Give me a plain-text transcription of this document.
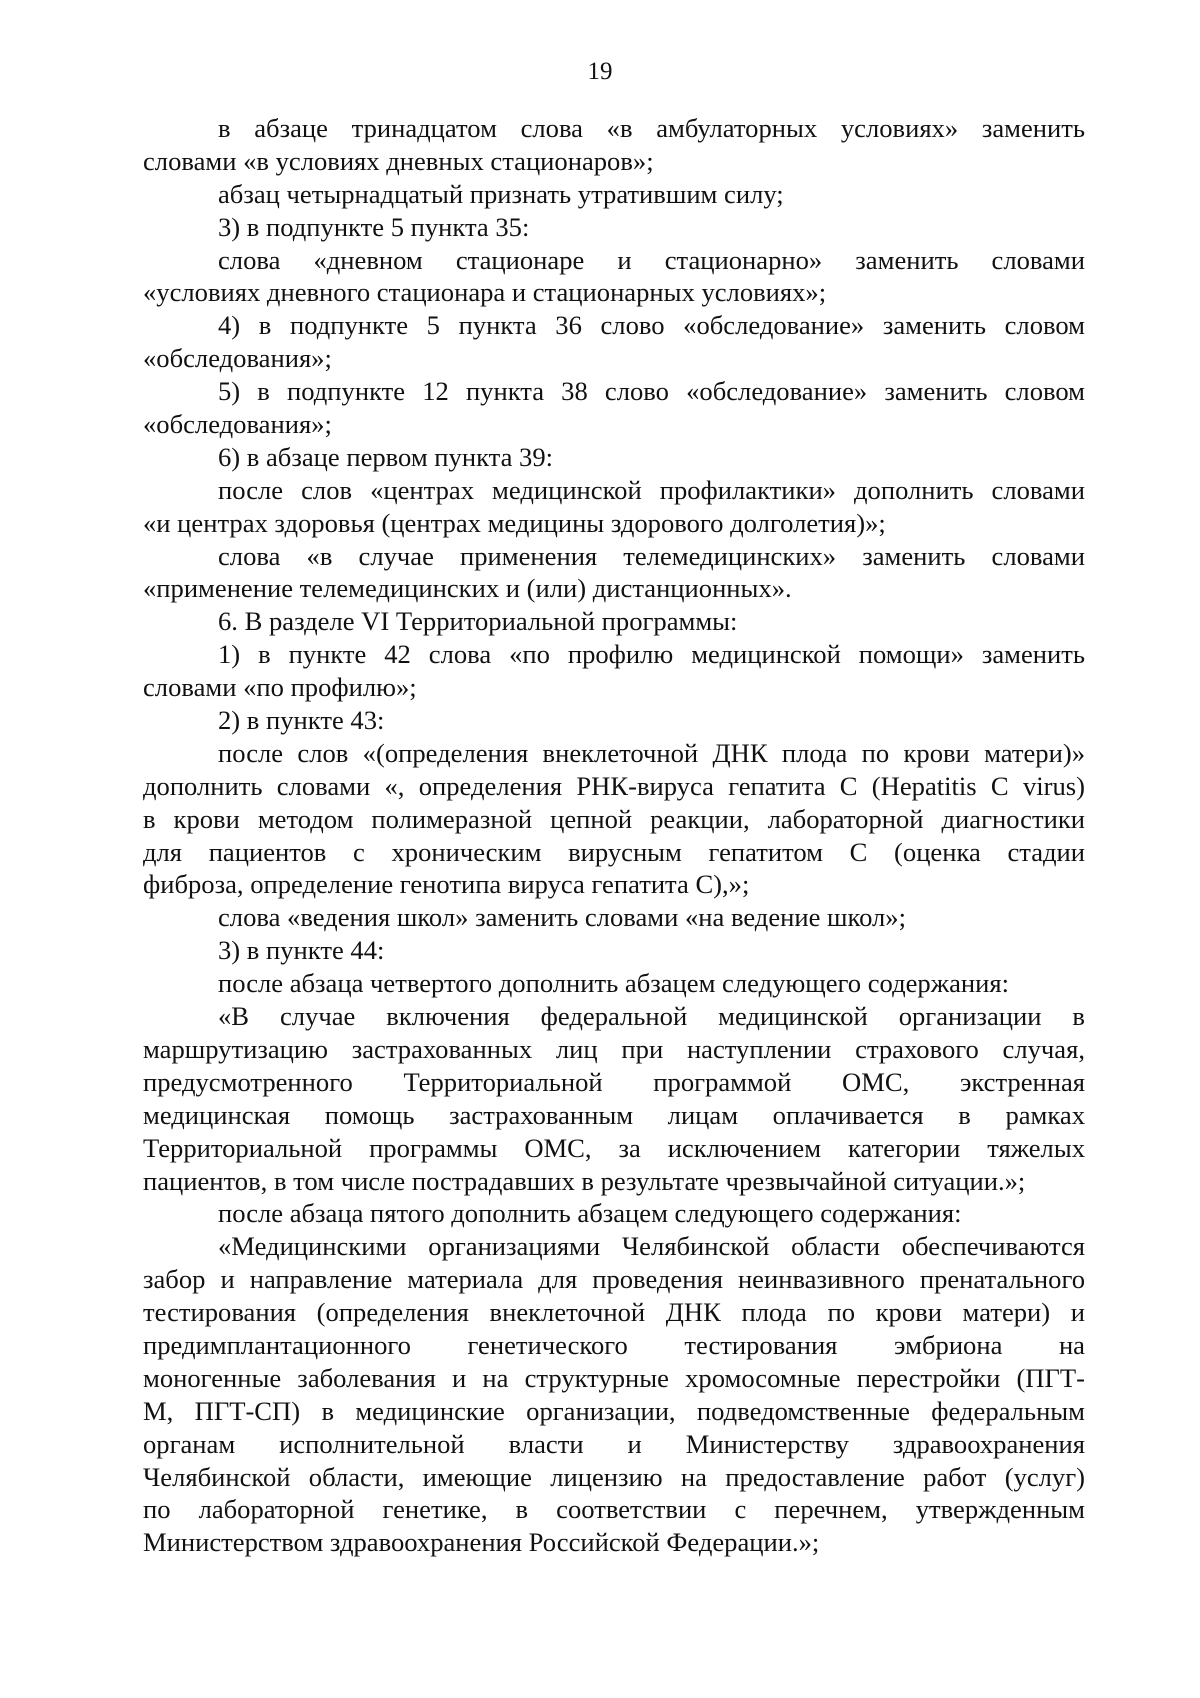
19
в абзаце тринадцатом слова «в амбулаторных условиях» заменить
словами «в условиях дневных стационаров»;
абзац четырнадцатый признать утратившим силу;
3) в подпункте 5 пункта 35:
слова «дневном стационаре и стационарно» заменить словами
«условиях дневного стационара и стационарных условиях»;
4) в подпункте 5 пункта 36 слово «обследование» заменить словом
«обследования»;
5) в подпункте 12 пункта 38 слово «обследование» заменить словом
«обследования»;
6) в абзаце первом пункта 39:
после слов «центрах медицинской профилактики» дополнить словами
«и центрах здоровья (центрах медицины здорового долголетия)»;
слова «в случае применения телемедицинских» заменить словами
«применение телемедицинских и (или) дистанционных».
6. В разделе VI Территориальной программы:
1) в пункте 42 слова «по профилю медицинской помощи» заменить
словами «по профилю»;
2) в пункте 43:
после слов «(определения внеклеточной ДНК плода по крови матери)»
дополнить словами «, определения РНК-вируса гепатита С (Hepatitis C virus)
в крови методом полимеразной цепной реакции, лабораторной диагностики
для пациентов с хроническим вирусным гепатитом С (оценка стадии
фиброза, определение генотипа вируса гепатита С),»;
слова «ведения школ» заменить словами «на ведение школ»;
3) в пункте 44:
после абзаца четвертого дополнить абзацем следующего содержания:
«В случае включения федеральной медицинской организации в
маршрутизацию застрахованных лиц при наступлении страхового случая,
предусмотренного Территориальной программой ОМС, экстренная
медицинская помощь застрахованным лицам оплачивается в рамках
Территориальной программы ОМС, за исключением категории тяжелых
пациентов, в том числе пострадавших в результате чрезвычайной ситуации.»;
после абзаца пятого дополнить абзацем следующего содержания:
«Медицинскими организациями Челябинской области обеспечиваются
забор и направление материала для проведения неинвазивного пренатального
тестирования (определения внеклеточной ДНК плода по крови матери) и
предимплантационного генетического тестирования эмбриона на
моногенные заболевания и на структурные хромосомные перестройки (ПГТ-
М, ПГТ-СП) в медицинские организации, подведомственные федеральным
органам исполнительной власти и Министерству здравоохранения
Челябинской области, имеющие лицензию на предоставление работ (услуг)
по лабораторной генетике, в соответствии с перечнем, утвержденным
Министерством здравоохранения Российской Федерации.»;
